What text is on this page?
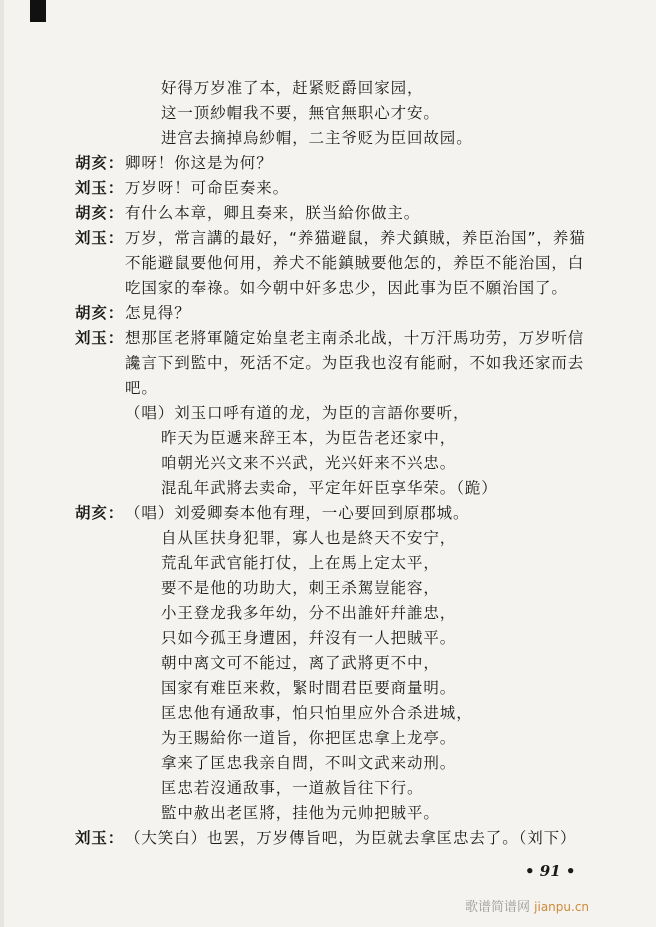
好得万岁准了本，赶紧贬爵回家园，
这一顶紗帽我不要，無官無职心才安。
进宫去摘掉烏紗帽，二主爷贬为臣回故园。
胡亥： 卿呀！你这是为何？
刘玉： 万岁呀！可命臣奏来。
胡亥： 有什么本章，卿且奏来，朕当給你做主。
刘玉： 万岁，常言講的最好，“养猫避鼠，养犬鎮賊，养臣治国”，养猫
不能避鼠要他何用，养犬不能鎮賊要他怎的，养臣不能治国，白
吃国家的奉祿。如今朝中奸多忠少，因此事为臣不願治国了。
胡亥： 怎見得？
刘玉： 想那匡老將軍隨定始皇老主南杀北战，十万汗馬功劳，万岁听信
讒言下到監中，死活不定。为臣我也沒有能耐，不如我还家而去
吧。
（唱）刘玉口呼有道的龙，为臣的言語你要听，
昨天为臣遞来辞王本，为臣告老还家中，
咱朝光兴文来不兴武，光兴奸来不兴忠。
混乱年武將去卖命，平定年奸臣享华荣。（跪）
胡亥： （唱）刘爱卿奏本他有理，一心要回到原郡城。
自从匡扶身犯罪，寡人也是終天不安宁，
荒乱年武官能打仗，上在馬上定太平，
要不是他的功助大，刺王杀駕豈能容，
小王登龙我多年幼，分不出誰奸幷誰忠，
只如今孤王身遭困，幷沒有一人把賊平。
朝中离文可不能过，离了武將更不中，
国家有难臣来救，緊时間君臣要商量明。
匡忠他有通敌事，怕只怕里应外合杀进城，
为王賜給你一道旨，你把匡忠拿上龙亭。
拿来了匡忠我亲自問，不叫文武来动刑。
匡忠若沒通敌事，一道赦旨往下行。
監中赦出老匡將，挂他为元帅把賊平。
刘玉： （大笑白）也罢，万岁傳旨吧，为臣就去拿匡忠去了。（刘下）
• 91 •
歌谱简谱网 jianpu.cn
